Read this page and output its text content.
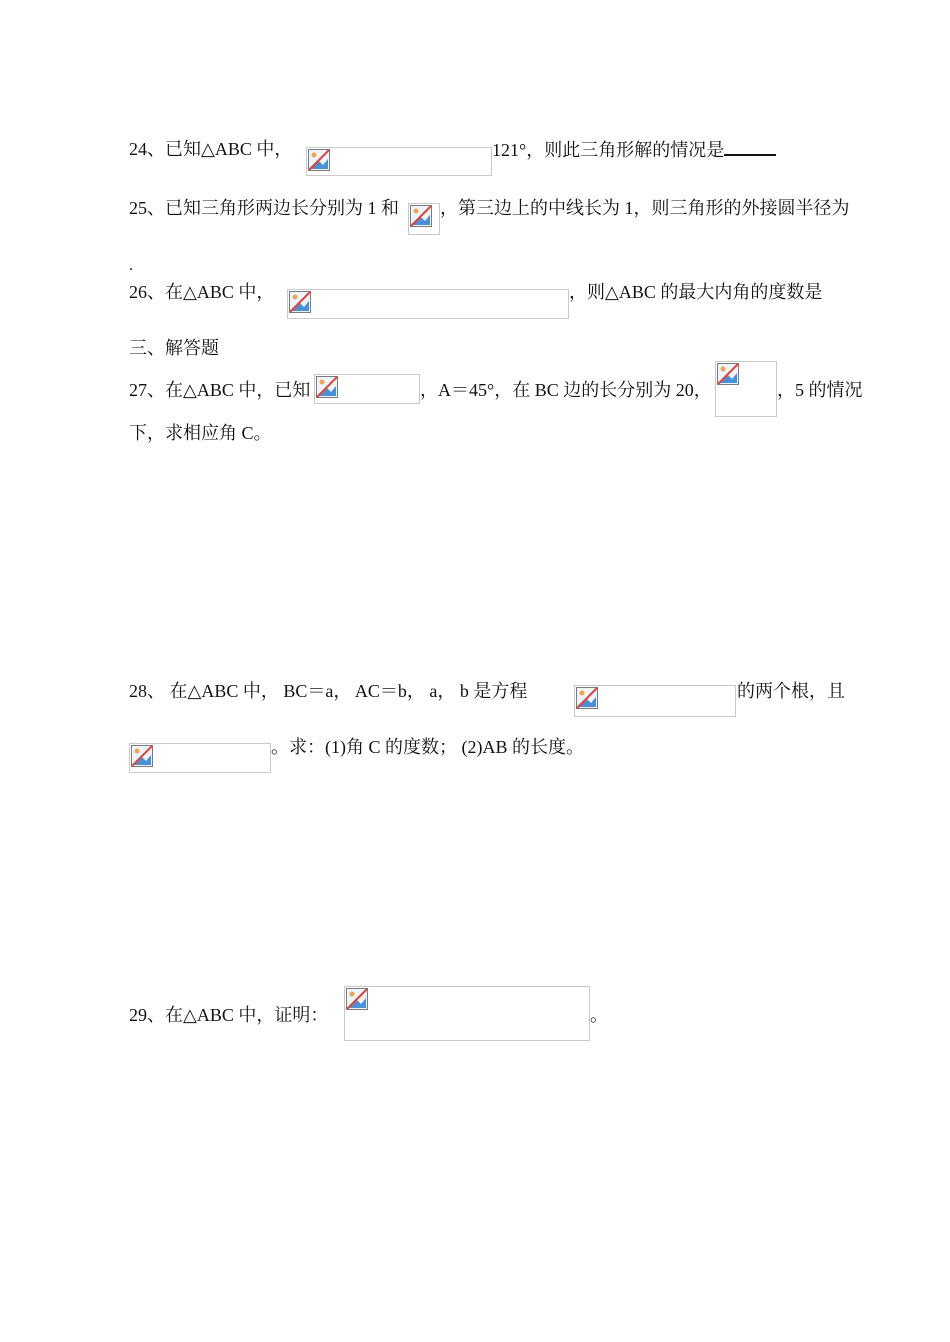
24、已知△ABC 中，	121°，则此三角形解的情况是
25、已知三角形两边长分别为 1 和 ，第三边上的中线长为 1，则三角形的外接圆半径为
.
26、在△ABC 中，	，则△ABC 的最大内角的度数是
三、解答题
27、在△ABC 中，已知	，A＝45°，在 BC 边的长分别为 20，	，5 的情况
下，求相应角 C。
28、 在△ABC 中， BC＝a， AC＝b， a， b 是方程	的两个根，且
。求：(1)角 C 的度数； (2)AB 的长度。
29、在△ABC 中，证明：	。
